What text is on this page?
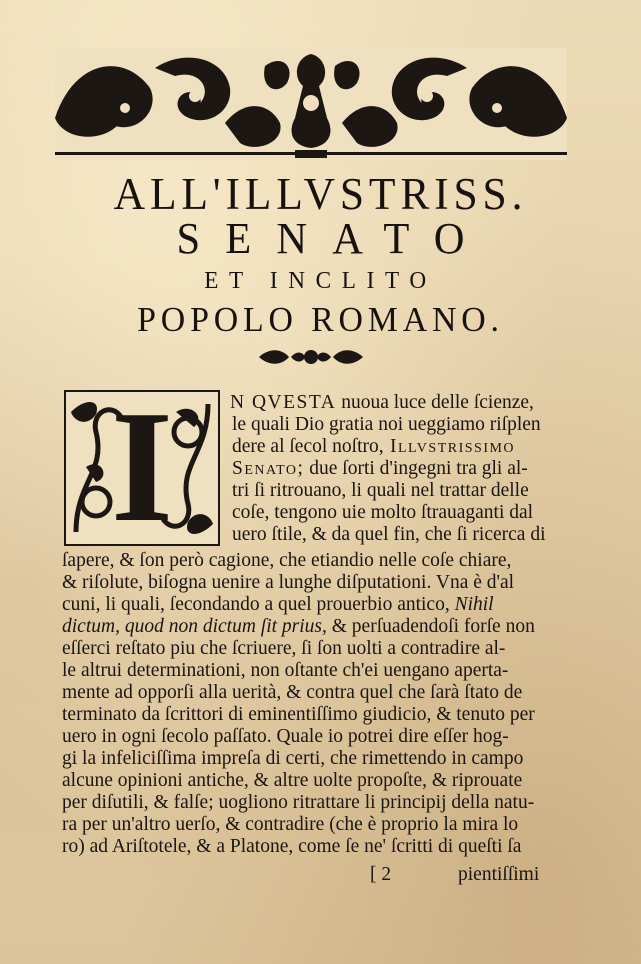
ALL'ILLVSTRISS.
SENATO
ET INCLITO
POPOLO ROMANO.
I	N QVESTA nuoua luce delle ſcienze,
le quali Dio gratia noi ueggiamo riſplen
dere al ſecol noſtro, Illvstrissimo
Senato; due ſorti d'ingegni tra gli al-
tri ſi ritrouano, li quali nel trattar delle
coſe, tengono uie molto ſtrauaganti dal
uero ſtile, & da quel fin, che ſi ricerca di
ſapere, & ſon però cagione, che etiandio nelle coſe chiare,
& riſolute, biſogna uenire a lunghe diſputationi. Vna è d'al
cuni, li quali, ſecondando a quel prouerbio antico, Nihil
dictum, quod non dictum ſit prius, & perſuadendoſi forſe non
eſſerci reſtato piu che ſcriuere, ſi ſon uolti a contradire al-
le altrui determinationi, non oſtante ch'ei uengano aperta-
mente ad opporſi alla uerità, & contra quel che ſarà ſtato de
terminato da ſcrittori di eminentiſſimo giudicio, & tenuto per
uero in ogni ſecolo paſſato. Quale io potrei dire eſſer hog-
gi la infeliciſſima impreſa di certi, che rimettendo in campo
alcune opinioni antiche, & altre uolte propoſte, & riprouate
per diſutili, & falſe; uogliono ritrattare li principij della natu-
ra per un'altro uerſo, & contradire (che è proprio la mira lo
ro) ad Ariſtotele, & a Platone, come ſe ne' ſcritti di queſti ſa
[ 2	pientiſſimi
